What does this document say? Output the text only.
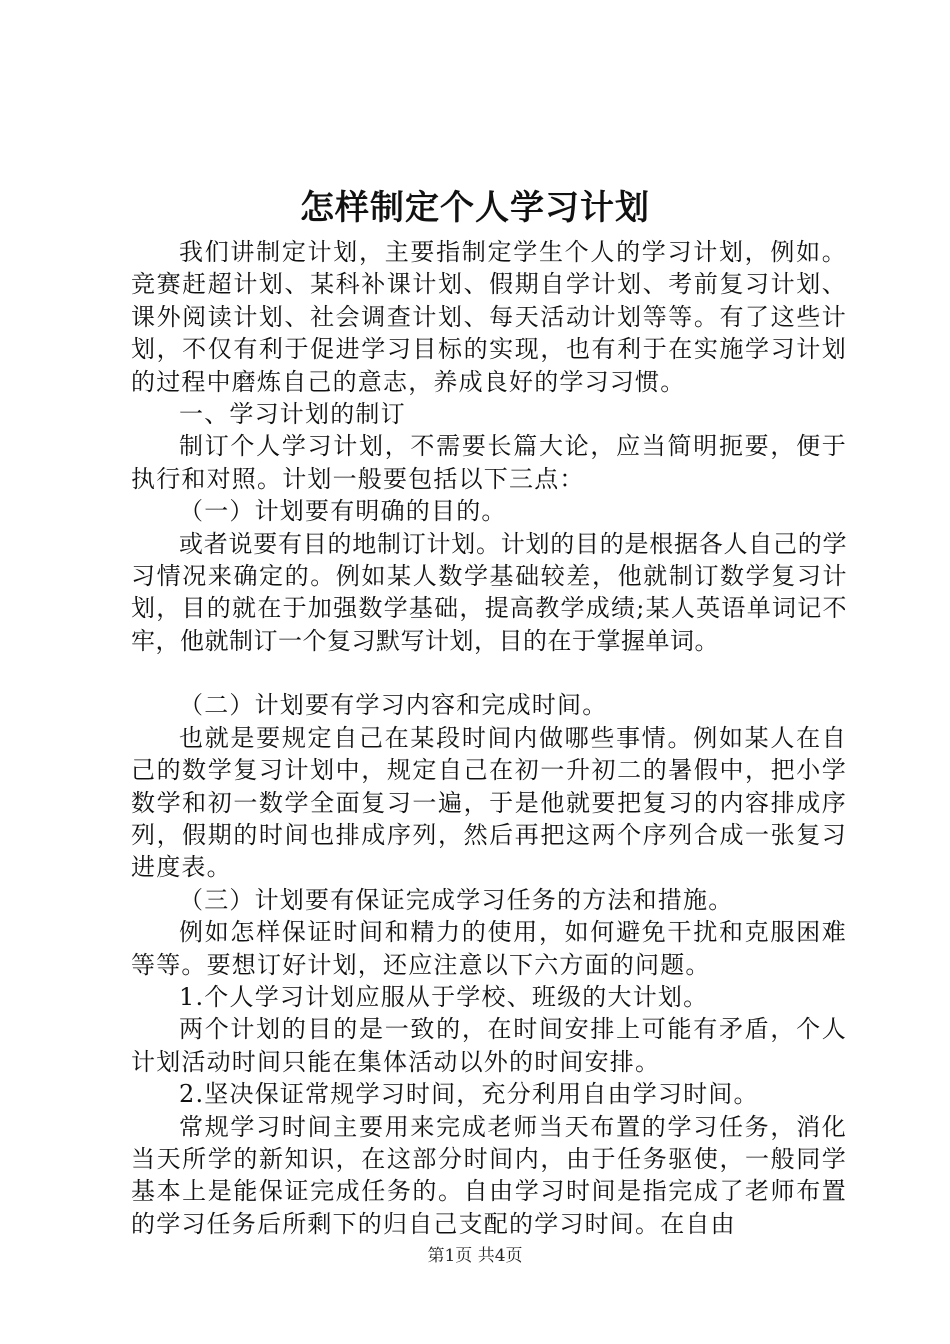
怎样制定个人学习计划

我们讲制定计划，主要指制定学生个人的学习计划，例如。竞赛赶超计划、某科补课计划、假期自学计划、考前复习计划、课外阅读计划、社会调查计划、每天活动计划等等。有了这些计划，不仅有利于促进学习目标的实现，也有利于在实施学习计划的过程中磨炼自己的意志，养成良好的学习习惯。

一、学习计划的制订

制订个人学习计划，不需要长篇大论，应当简明扼要，便于执行和对照。计划一般要包括以下三点：

（一）计划要有明确的目的。

或者说要有目的地制订计划。计划的目的是根据各人自己的学习情况来确定的。例如某人数学基础较差，他就制订数学复习计划，目的就在于加强数学基础，提高教学成绩;某人英语单词记不牢，他就制订一个复习默写计划，目的在于掌握单词。

（二）计划要有学习内容和完成时间。

也就是要规定自己在某段时间内做哪些事情。例如某人在自己的数学复习计划中，规定自己在初一升初二的暑假中，把小学数学和初一数学全面复习一遍，于是他就要把复习的内容排成序列，假期的时间也排成序列，然后再把这两个序列合成一张复习进度表。

（三）计划要有保证完成学习任务的方法和措施。

例如怎样保证时间和精力的使用，如何避免干扰和克服困难等等。要想订好计划，还应注意以下六方面的问题。

1.个人学习计划应服从于学校、班级的大计划。

两个计划的目的是一致的，在时间安排上可能有矛盾，个人计划活动时间只能在集体活动以外的时间安排。

2.坚决保证常规学习时间，充分利用自由学习时间。

常规学习时间主要用来完成老师当天布置的学习任务，消化当天所学的新知识，在这部分时间内，由于任务驱使，一般同学基本上是能保证完成任务的。自由学习时间是指完成了老师布置的学习任务后所剩下的归自己支配的学习时间。在自由

第1页 共4页
